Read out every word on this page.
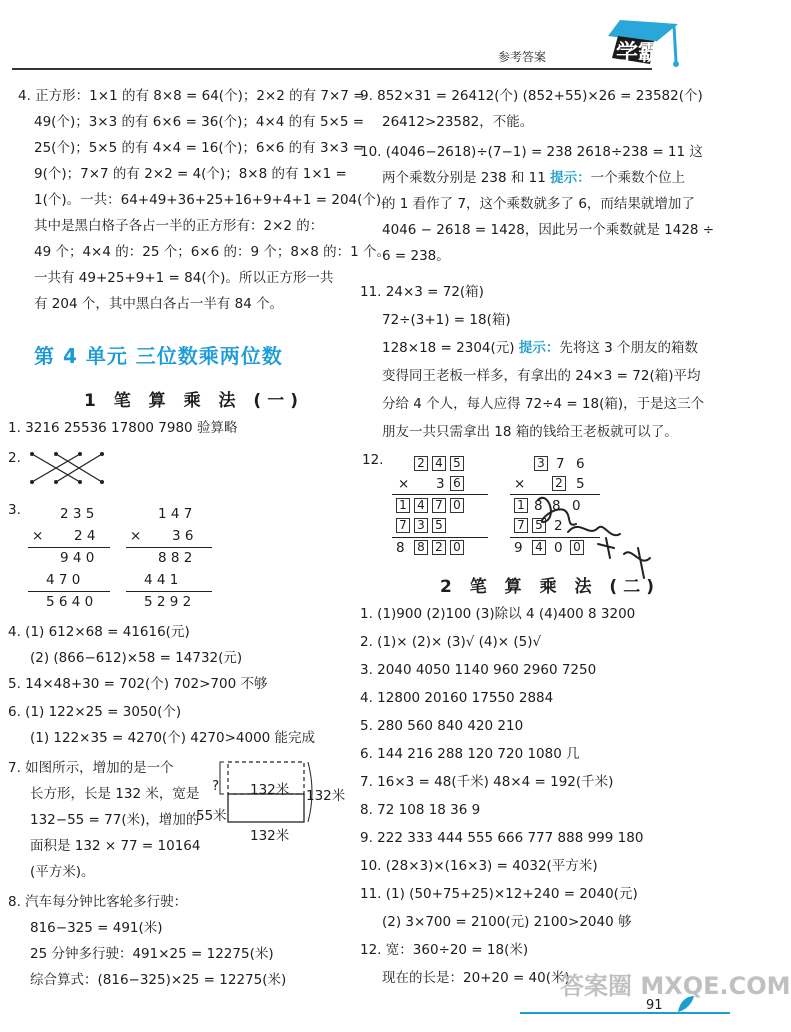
参考答案	学霸
4. 正方形：1×1 的有 8×8 = 64(个)；2×2 的有 7×7 =
49(个)；3×3 的有 6×6 = 36(个)；4×4 的有 5×5 =
25(个)；5×5 的有 4×4 = 16(个)；6×6 的有 3×3 =
9(个)；7×7 的有 2×2 = 4(个)；8×8 的有 1×1 =
1(个)。一共：64+49+36+25+16+9+4+1 = 204(个)。
其中是黑白格子各占一半的正方形有：2×2 的：
49 个；4×4 的：25 个；6×6 的：9 个；8×8 的：1 个。
一共有 49+25+9+1 = 84(个)。所以正方形一共
有 204 个，其中黑白各占一半有 84 个。
第 4 单元 三位数乘两位数
1 笔 算 乘 法 (一)
1. 3216 25536 17800 7980 验算略
2.
3.	2 3 5
× 2 4
9 4 0
4 7 0
5 6 4 0
1 4 7
× 3 6
8 8 2
4 4 1
5 2 9 2
4. (1) 612×68 = 41616(元)
(2) (866−612)×58 = 14732(元)
5. 14×48+30 = 702(个) 702>700 不够
6. (1) 122×25 = 3050(个)
(1) 122×35 = 4270(个) 4270>4000 能完成
7. 如图所示，增加的是一个
长方形，长是 132 米，宽是
132−55 = 77(米)，增加的
面积是 132 × 77 = 10164
(平方米)。
? 132米 132米
55米
132米
8. 汽车每分钟比客轮多行驶：
816−325 = 491(米)
25 分钟多行驶：491×25 = 12275(米)
综合算式：(816−325)×25 = 12275(米)
9. 852×31 = 26412(个) (852+55)×26 = 23582(个)
26412>23582，不能。
10. (4046−2618)÷(7−1) = 238 2618÷238 = 11 这
两个乘数分别是 238 和 11 提示：一个乘数个位上
的 1 看作了 7，这个乘数就多了 6，而结果就增加了
4046 − 2618 = 1428，因此另一个乘数就是 1428 ÷
6 = 238。
11. 24×3 = 72(箱)
72÷(3+1) = 18(箱)
128×18 = 2304(元) 提示：先将这 3 个朋友的箱数
变得同王老板一样多，有拿出的 24×3 = 72(箱)平均
分给 4 个人，每人应得 72÷4 = 18(箱)，于是这三个
朋友一共只需拿出 18 箱的钱给王老板就可以了。
12.	2 4 5
× 3 6
1 4 7 0
7 3 5
8 8 2 0
3 7 6
× 2 5
1 8 8 0
7 5 2
9 4 0 0
2 笔 算 乘 法 (二)
1. (1)900 (2)100 (3)除以 4 (4)400 8 3200
2. (1)× (2)× (3)√ (4)× (5)√
3. 2040 4050 1140 960 2960 7250
4. 12800 20160 17550 2884
5. 280 560 840 420 210
6. 144 216 288 120 720 1080 几
7. 16×3 = 48(千米) 48×4 = 192(千米)
8. 72 108 18 36 9
9. 222 333 444 555 666 777 888 999 180
10. (28×3)×(16×3) = 4032(平方米)
11. (1) (50+75+25)×12+240 = 2040(元)
(2) 3×700 = 2100(元) 2100>2040 够
12. 宽：360÷20 = 18(米)
现在的长是：20+20 = 40(米)
91
答案圈 MXQE.COM
